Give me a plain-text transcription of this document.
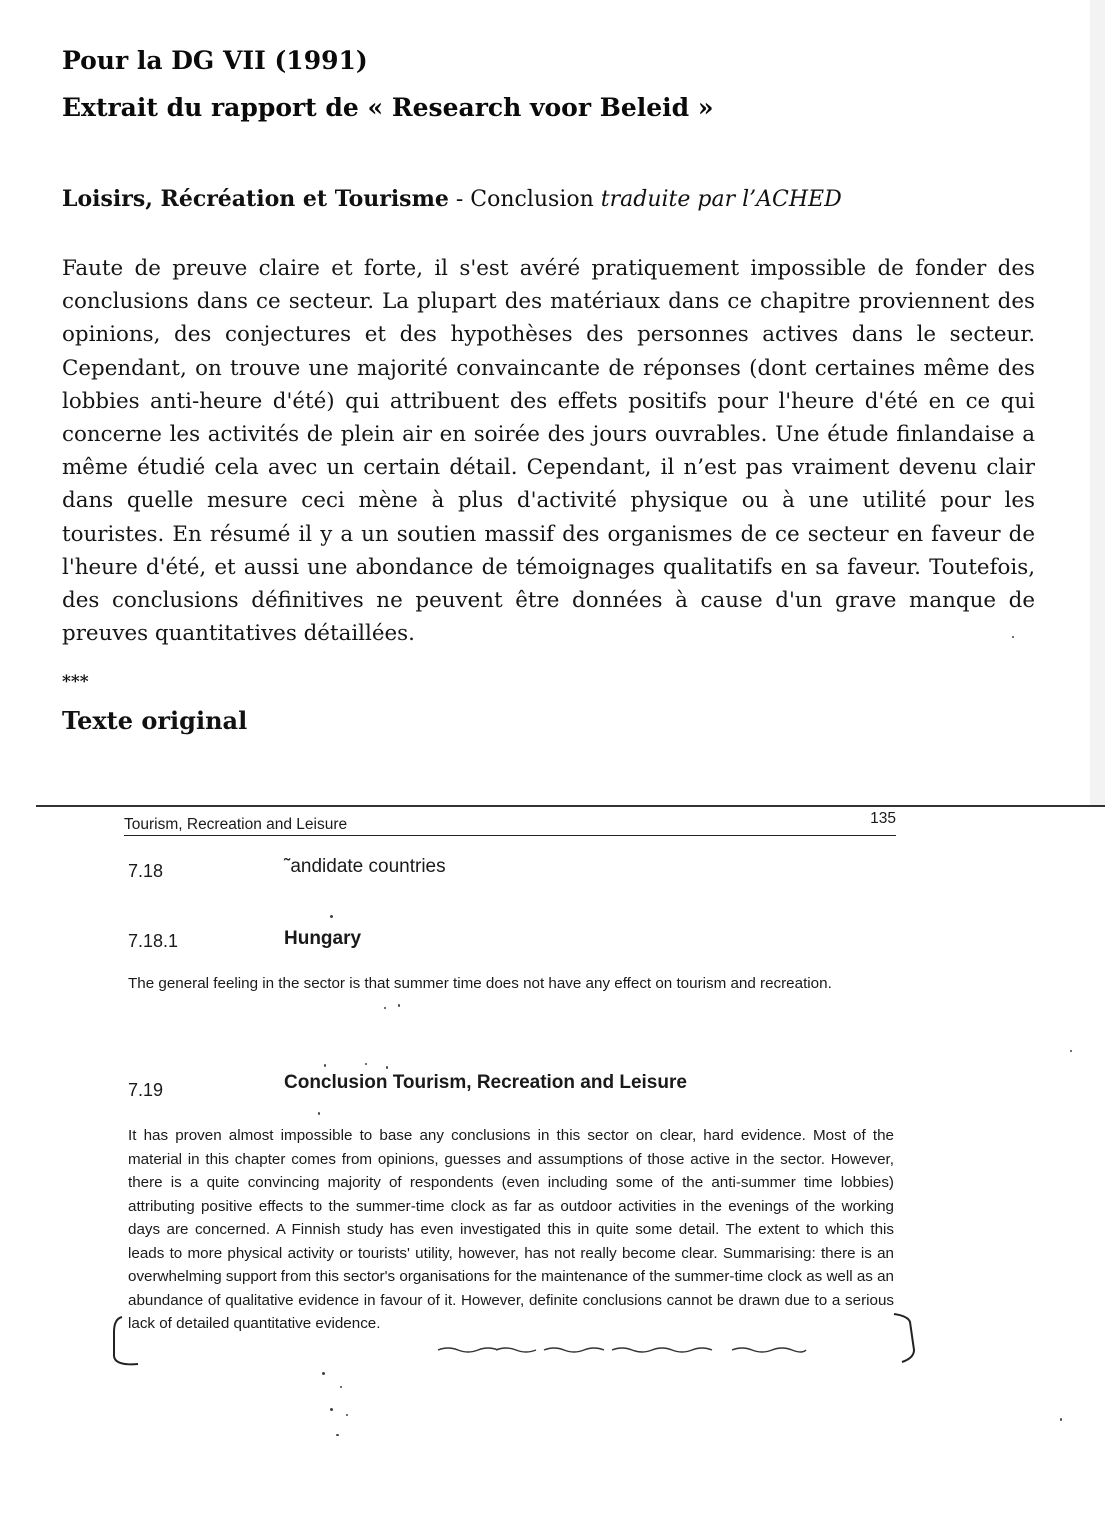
Pour la DG VII (1991)
Extrait du rapport de « Research voor Beleid »
Loisirs, Récréation et Tourisme - Conclusion traduite par l’ACHED
Faute de preuve claire et forte, il s'est avéré pratiquement impossible de fonder des conclusions dans ce secteur. La plupart des matériaux dans ce chapitre proviennent des opinions, des conjectures et des hypothèses des personnes actives dans le secteur. Cependant, on trouve une majorité convaincante de réponses (dont certaines même des lobbies anti-heure d'été) qui attribuent des effets positifs pour l'heure d'été en ce qui concerne les activités de plein air en soirée des jours ouvrables. Une étude finlandaise a même étudié cela avec un certain détail. Cependant, il n’est pas vraiment devenu clair dans quelle mesure ceci mène à plus d'activité physique ou à une utilité pour les touristes. En résumé il y a un soutien massif des organismes de ce secteur en faveur de l'heure d'été, et aussi une abondance de témoignages qualitatifs en sa faveur. Toutefois, des conclusions définitives ne peuvent être données à cause d'un grave manque de preuves quantitatives détaillées.
***
Texte original
Tourism, Recreation and Leisure	135
7.18	˜andidate countries
7.18.1	Hungary
The general feeling in the sector is that summer time does not have any effect on tourism and recreation.
7.19	Conclusion Tourism, Recreation and Leisure
It has proven almost impossible to base any conclusions in this sector on clear, hard evidence. Most of the material in this chapter comes from opinions, guesses and assumptions of those active in the sector. However, there is a quite convincing majority of respondents (even including some of the anti-summer time lobbies) attributing positive effects to the summer-time clock as far as outdoor activities in the evenings of the working days are concerned. A Finnish study has even investigated this in quite some detail. The extent to which this leads to more physical activity or tourists' utility, however, has not really become clear. Summarising: there is an overwhelming support from this sector's organisations for the maintenance of the summer-time clock as well as an abundance of qualitative evidence in favour of it. However, definite conclusions cannot be drawn due to a serious lack of detailed quantitative evidence.
